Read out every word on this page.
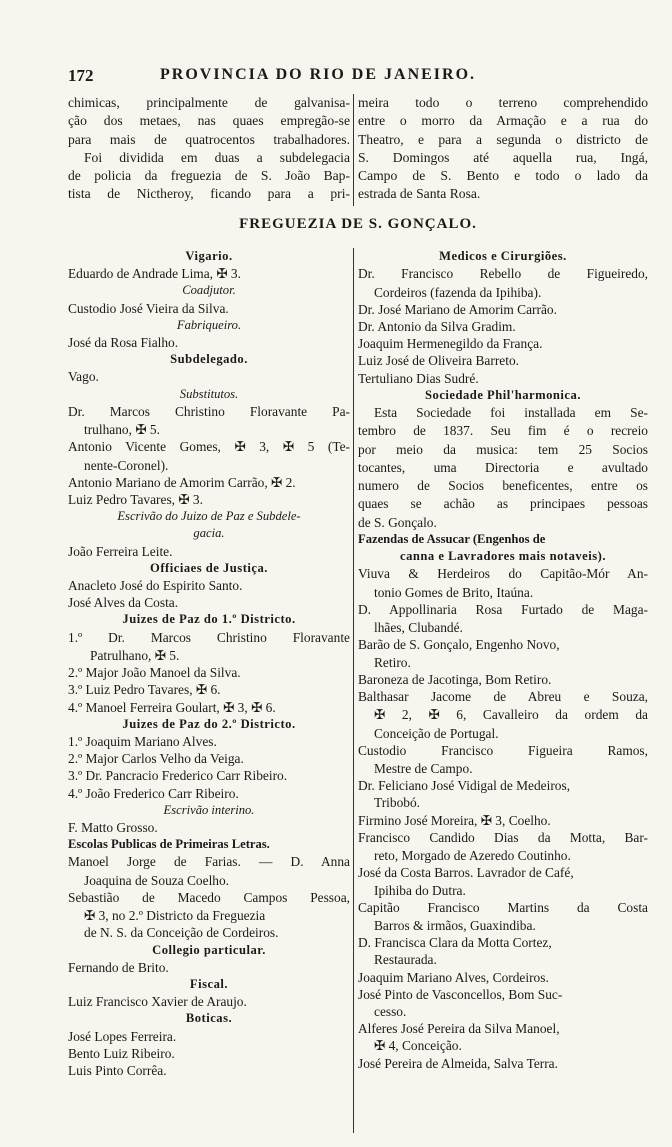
172	PROVINCIA DO RIO DE JANEIRO.
chimicas, principalmente de galvanisa-
ção dos metaes, nas quaes empregão-se
para mais de quatrocentos trabalhadores.
Foi dividida em duas a subdelegacia
de policia da freguezia de S. João Bap-
tista de Nictheroy, ficando para a pri-
meira todo o terreno comprehendido
entre o morro da Armação e a rua do
Theatro, e para a segunda o districto de
S. Domingos até aquella rua, Ingá,
Campo de S. Bento e todo o lado da
estrada de Santa Rosa.
FREGUEZIA DE S. GONÇALO.
Vigario.
Eduardo de Andrade Lima, ✠ 3.
Coadjutor.
Custodio José Vieira da Silva.
Fabriqueiro.
José da Rosa Fialho.
Subdelegado.
Vago.
Substitutos.
Dr. Marcos Christino Floravante Pa-
trulhano, ✠ 5.
Antonio Vicente Gomes, ✠ 3, ✠ 5 (Te-
nente-Coronel).
Antonio Mariano de Amorim Carrão, ✠ 2.
Luiz Pedro Tavares, ✠ 3.
Escrivão do Juizo de Paz e Subdele-
gacia.
João Ferreira Leite.
Officiaes de Justiça.
Anacleto José do Espirito Santo.
José Alves da Costa.
Juizes de Paz do 1.º Districto.
1.º Dr. Marcos Christino Floravante
Patrulhano, ✠ 5.
2.º Major João Manoel da Silva.
3.º Luiz Pedro Tavares, ✠ 6.
4.º Manoel Ferreira Goulart, ✠ 3, ✠ 6.
Juizes de Paz do 2.º Districto.
1.º Joaquim Mariano Alves.
2.º Major Carlos Velho da Veiga.
3.º Dr. Pancracio Frederico Carr Ribeiro.
4.º João Frederico Carr Ribeiro.
Escrivão interino.
F. Matto Grosso.
Escolas Publicas de Primeiras Letras.
Manoel Jorge de Farias. — D. Anna
Joaquina de Souza Coelho.
Sebastião de Macedo Campos Pessoa,
✠ 3, no 2.º Districto da Freguezia
de N. S. da Conceição de Cordeiros.
Collegio particular.
Fernando de Brito.
Fiscal.
Luiz Francisco Xavier de Araujo.
Boticas.
José Lopes Ferreira.
Bento Luiz Ribeiro.
Luis Pinto Corrêa.
Medicos e Cirurgiões.
Dr. Francisco Rebello de Figueiredo,
Cordeiros (fazenda da Ipihiba).
Dr. José Mariano de Amorim Carrão.
Dr. Antonio da Silva Gradim.
Joaquim Hermenegildo da França.
Luiz José de Oliveira Barreto.
Tertuliano Dias Sudré.
Sociedade Phil'harmonica.
Esta Sociedade foi installada em Se-
tembro de 1837. Seu fim é o recreio
por meio da musica: tem 25 Socios
tocantes, uma Directoria e avultado
numero de Socios beneficentes, entre os
quaes se achão as principaes pessoas
de S. Gonçalo.
Fazendas de Assucar (Engenhos de
canna e Lavradores mais notaveis).
Viuva & Herdeiros do Capitão-Mór An-
tonio Gomes de Brito, Itaúna.
D. Appollinaria Rosa Furtado de Maga-
lhães, Clubandé.
Barão de S. Gonçalo, Engenho Novo,
Retiro.
Baroneza de Jacotinga, Bom Retiro.
Balthasar Jacome de Abreu e Souza,
✠ 2, ✠ 6, Cavalleiro da ordem da
Conceição de Portugal.
Custodio Francisco Figueira Ramos,
Mestre de Campo.
Dr. Feliciano José Vidigal de Medeiros,
Tribobó.
Firmino José Moreira, ✠ 3, Coelho.
Francisco Candido Dias da Motta, Bar-
reto, Morgado de Azeredo Coutinho.
José da Costa Barros. Lavrador de Café,
Ipihiba do Dutra.
Capitão Francisco Martins da Costa
Barros & irmãos, Guaxindiba.
D. Francisca Clara da Motta Cortez,
Restaurada.
Joaquim Mariano Alves, Cordeiros.
José Pinto de Vasconcellos, Bom Suc-
cesso.
Alferes José Pereira da Silva Manoel,
✠ 4, Conceição.
José Pereira de Almeida, Salva Terra.
